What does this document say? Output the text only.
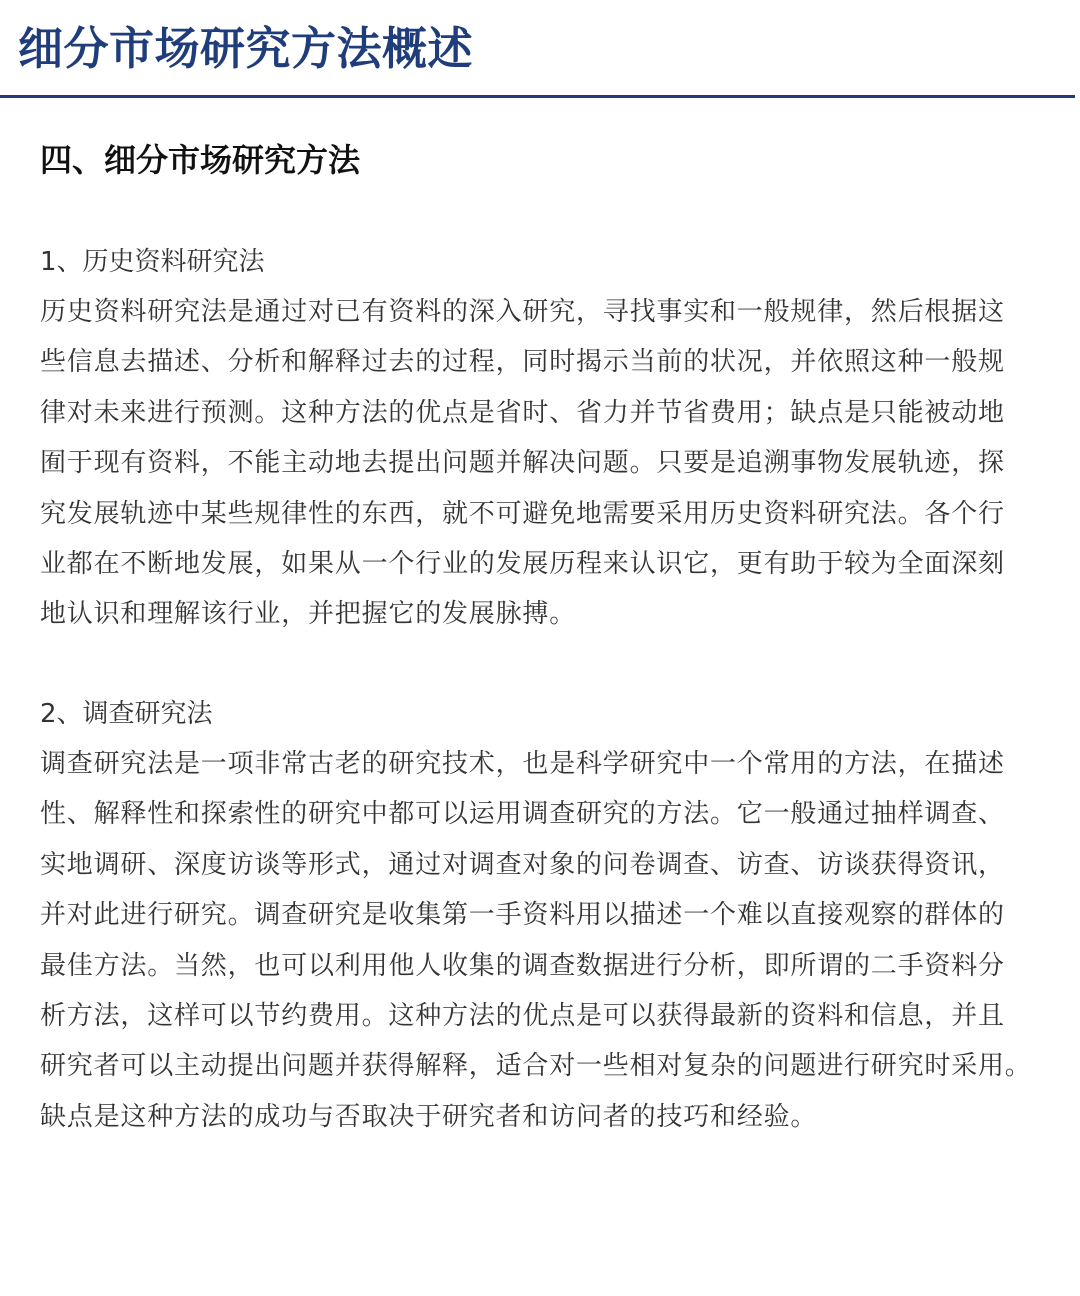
细分市场研究方法概述
四、细分市场研究方法
1、历史资料研究法

历史资料研究法是通过对已有资料的深入研究，寻找事实和一般规律，然后根据这
些信息去描述、分析和解释过去的过程，同时揭示当前的状况，并依照这种一般规
律对未来进行预测。这种方法的优点是省时、省力并节省费用；缺点是只能被动地
囿于现有资料，不能主动地去提出问题并解决问题。只要是追溯事物发展轨迹，探
究发展轨迹中某些规律性的东西，就不可避免地需要采用历史资料研究法。各个行
业都在不断地发展，如果从一个行业的发展历程来认识它，更有助于较为全面深刻
地认识和理解该行业，并把握它的发展脉搏。

2、调查研究法

调查研究法是一项非常古老的研究技术，也是科学研究中一个常用的方法，在描述
性、解释性和探索性的研究中都可以运用调查研究的方法。它一般通过抽样调查、
实地调研、深度访谈等形式，通过对调查对象的问卷调查、访查、访谈获得资讯，
并对此进行研究。调查研究是收集第一手资料用以描述一个难以直接观察的群体的
最佳方法。当然，也可以利用他人收集的调查数据进行分析，即所谓的二手资料分
析方法，这样可以节约费用。这种方法的优点是可以获得最新的资料和信息，并且
研究者可以主动提出问题并获得解释，适合对一些相对复杂的问题进行研究时采用。
缺点是这种方法的成功与否取决于研究者和访问者的技巧和经验。
